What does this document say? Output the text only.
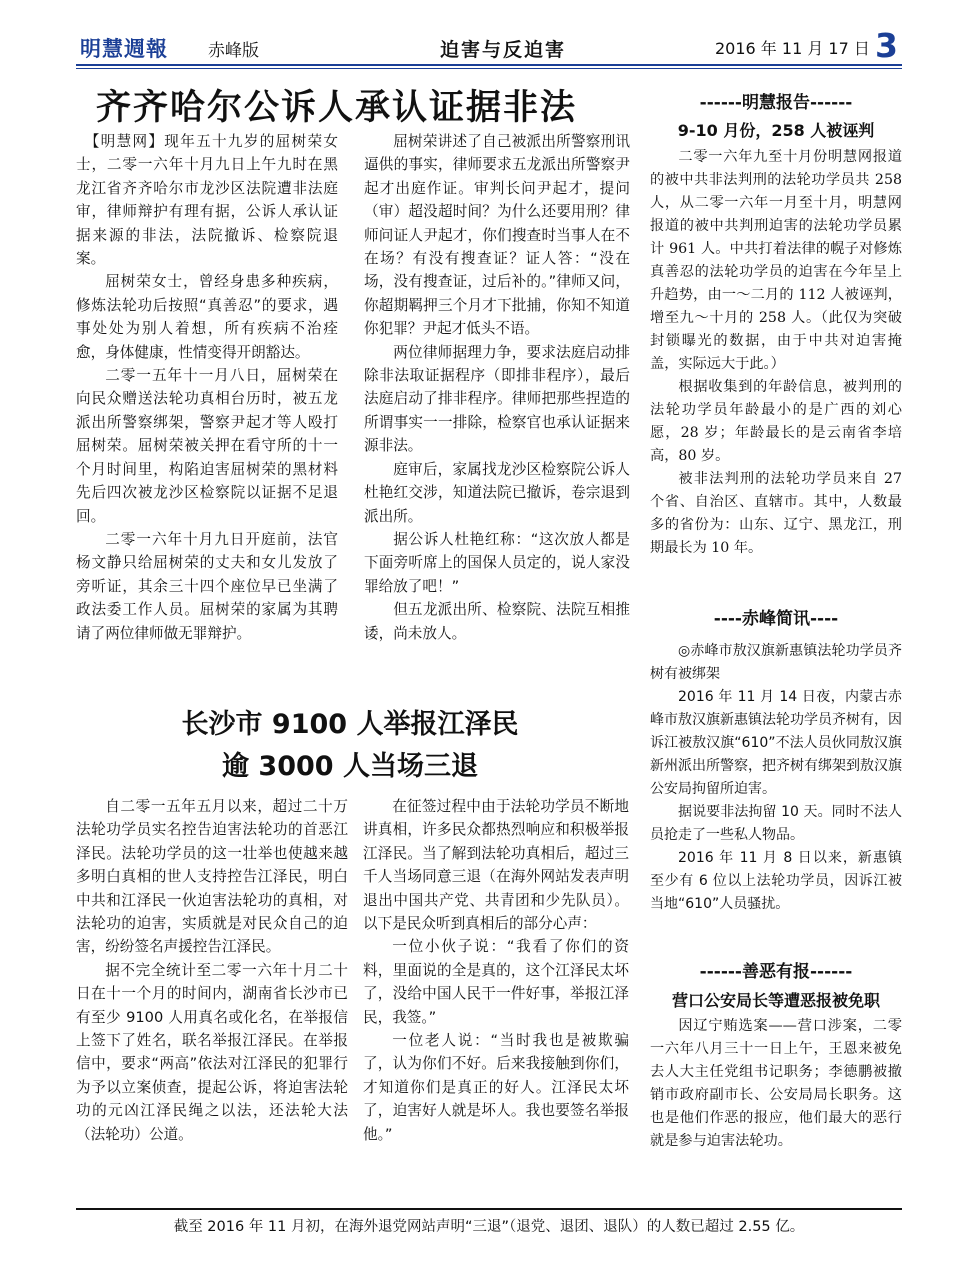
明慧週報 赤峰版	迫害与反迫害	2016 年 11 月 17 日 3
齐齐哈尔公诉人承认证据非法

【明慧网】现年五十九岁的屈树荣女士，二零一六年十月九日上午九时在黑龙江省齐齐哈尔市龙沙区法院遭非法庭审，律师辩护有理有据，公诉人承认证据来源的非法，法院撤诉、检察院退案。

屈树荣女士，曾经身患多种疾病，修炼法轮功后按照“真善忍”的要求，遇事处处为别人着想，所有疾病不治痊愈，身体健康，性情变得开朗豁达。

二零一五年十一月八日，屈树荣在向民众赠送法轮功真相台历时，被五龙派出所警察绑架，警察尹起才等人殴打屈树荣。屈树荣被关押在看守所的十一个月时间里，构陷迫害屈树荣的黑材料先后四次被龙沙区检察院以证据不足退回。

二零一六年十月九日开庭前，法官杨文静只给屈树荣的丈夫和女儿发放了旁听证，其余三十四个座位早已坐满了政法委工作人员。屈树荣的家属为其聘请了两位律师做无罪辩护。

屈树荣讲述了自己被派出所警察刑讯逼供的事实，律师要求五龙派出所警察尹起才出庭作证。审判长问尹起才，提问（审）超没超时间？为什么还要用刑？律师问证人尹起才，你们搜查时当事人在不在场？有没有搜查证？证人答：“没在场，没有搜查证，过后补的。”律师又问，你超期羁押三个月才下批捕，你知不知道你犯罪？尹起才低头不语。

两位律师据理力争，要求法庭启动排除非法取证据程序（即排非程序），最后法庭启动了排非程序。律师把那些捏造的所谓事实一一排除，检察官也承认证据来源非法。

庭审后，家属找龙沙区检察院公诉人杜艳红交涉，知道法院已撤诉，卷宗退到派出所。

据公诉人杜艳红称：“这次放人都是下面旁听席上的国保人员定的，说人家没罪给放了吧！”

但五龙派出所、检察院、法院互相推诿，尚未放人。

长沙市 9100 人举报江泽民
逾 3000 人当场三退

自二零一五年五月以来，超过二十万法轮功学员实名控告迫害法轮功的首恶江泽民。法轮功学员的这一壮举也使越来越多明白真相的世人支持控告江泽民，明白中共和江泽民一伙迫害法轮功的真相，对法轮功的迫害，实质就是对民众自己的迫害，纷纷签名声援控告江泽民。

据不完全统计至二零一六年十月二十日在十一个月的时间内，湖南省长沙市已有至少 9100 人用真名或化名，在举报信上签下了姓名，联名举报江泽民。在举报信中，要求“两高”依法对江泽民的犯罪行为予以立案侦查，提起公诉，将迫害法轮功的元凶江泽民绳之以法，还法轮大法（法轮功）公道。

在征签过程中由于法轮功学员不断地讲真相，许多民众都热烈响应和积极举报江泽民。当了解到法轮功真相后，超过三千人当场同意三退（在海外网站发表声明退出中国共产党、共青团和少先队员）。以下是民众听到真相后的部分心声：

一位小伙子说：“我看了你们的资料，里面说的全是真的，这个江泽民太坏了，没给中国人民干一件好事，举报江泽民，我签。”

一位老人说：“当时我也是被欺骗了，认为你们不好。后来我接触到你们，才知道你们是真正的好人。江泽民太坏了，迫害好人就是坏人。我也要签名举报他。”

------明慧报告------
9-10 月份，258 人被诬判

二零一六年九至十月份明慧网报道的被中共非法判刑的法轮功学员共 258 人，从二零一六年一月至十月，明慧网报道的被中共判刑迫害的法轮功学员累计 961 人。中共打着法律的幌子对修炼真善忍的法轮功学员的迫害在今年呈上升趋势，由一～二月的 112 人被诬判，增至九～十月的 258 人。（此仅为突破封锁曝光的数据，由于中共对迫害掩盖，实际远大于此。）

根据收集到的年龄信息，被判刑的法轮功学员年龄最小的是广西的刘心愿，28 岁；年龄最长的是云南省李培高，80 岁。

被非法判刑的法轮功学员来自 27 个省、自治区、直辖市。其中，人数最多的省份为：山东、辽宁、黑龙江，刑期最长为 10 年。

----赤峰简讯----

◎赤峰市敖汉旗新惠镇法轮功学员齐树有被绑架

2016 年 11 月 14 日夜，内蒙古赤峰市敖汉旗新惠镇法轮功学员齐树有，因诉江被敖汉旗“610”不法人员伙同敖汉旗新州派出所警察，把齐树有绑架到敖汉旗公安局拘留所迫害。

据说要非法拘留 10 天。同时不法人员抢走了一些私人物品。

2016 年 11 月 8 日以来，新惠镇至少有 6 位以上法轮功学员，因诉江被当地“610”人员骚扰。

------善恶有报------
营口公安局长等遭恶报被免职

因辽宁贿选案——营口涉案，二零一六年八月三十一日上午，王恩来被免去人大主任党组书记职务；李德鹏被撤销市政府副市长、公安局局长职务。这也是他们作恶的报应，他们最大的恶行就是参与迫害法轮功。

截至 2016 年 11 月初，在海外退党网站声明“三退”（退党、退团、退队）的人数已超过 2.55 亿。
